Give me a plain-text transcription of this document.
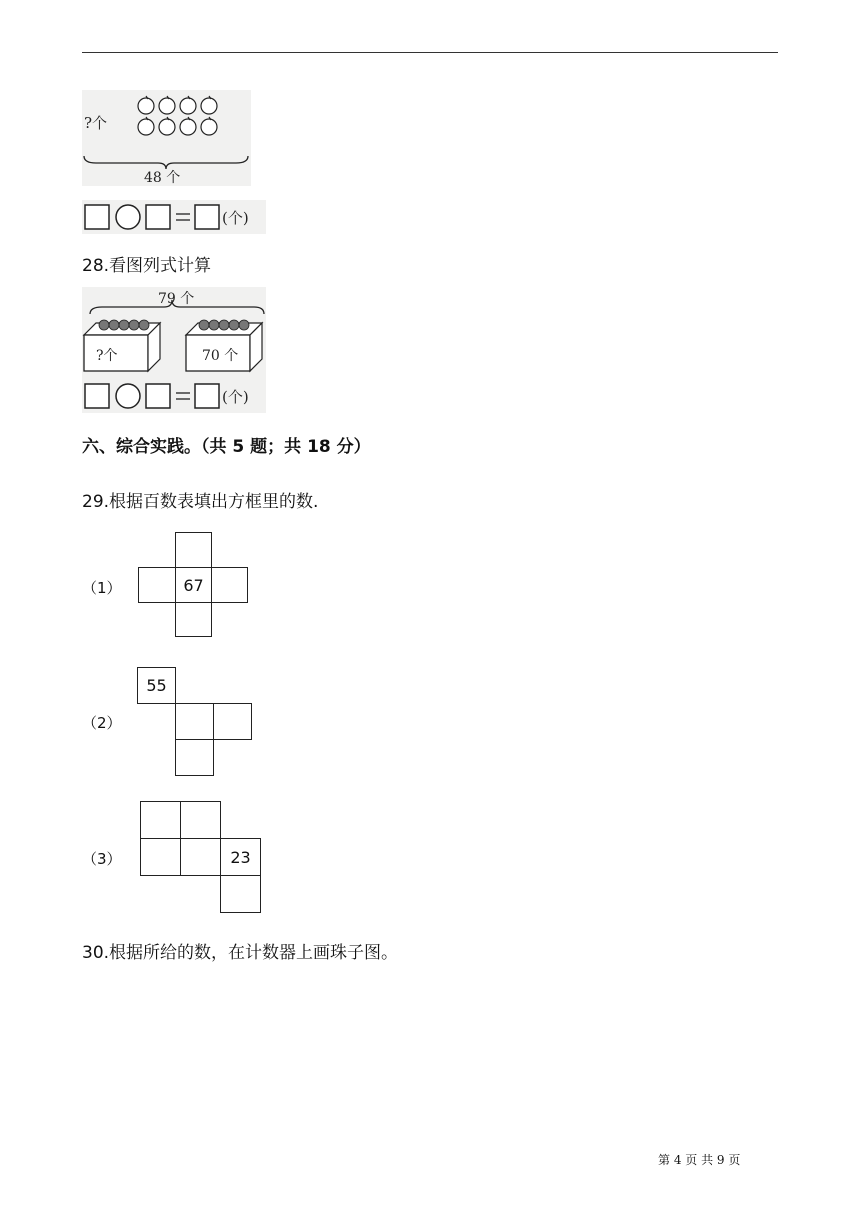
?个
48 个
(个)
28.看图列式计算
79 个
?个	70 个
(个)
六、综合实践。（共 5 题；共 18 分）
29.根据百数表填出方框里的数.
（1）	67
（2）
55
（3）	23
30.根据所给的数，在计数器上画珠子图。
第 4 页 共 9 页
